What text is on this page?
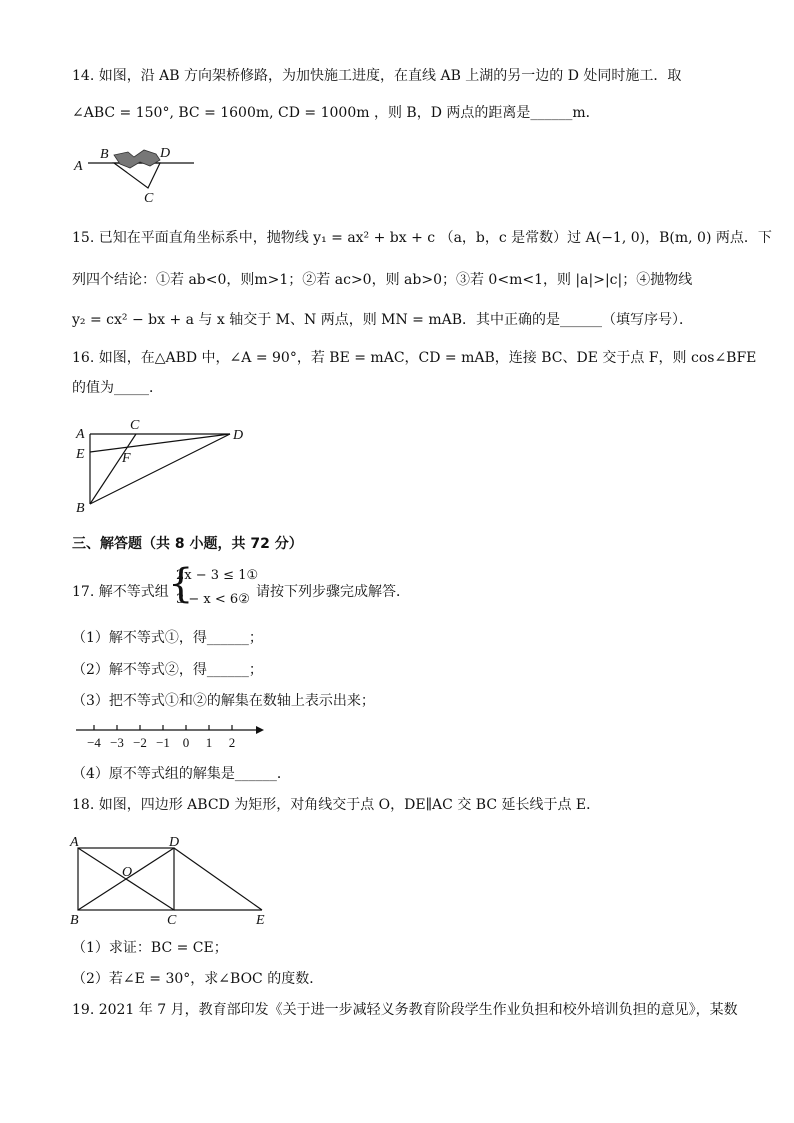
14. 如图，沿 AB 方向架桥修路，为加快施工进度，在直线 AB 上湖的另一边的 D 处同时施工．取
∠ABC = 150°, BC = 1600m, CD = 1000m ，则 B，D 两点的距离是______m．
A
B	D
C
15. 已知在平面直角坐标系中，抛物线 y₁ = ax² + bx + c （a，b，c 是常数）过 A(−1, 0)，B(m, 0) 两点．下
列四个结论：①若 ab<0，则m>1；②若 ac>0，则 ab>0；③若 0<m<1，则 |a|>|c|；④抛物线
y₂ = cx² − bx + a 与 x 轴交于 M、N 两点，则 MN = mAB．其中正确的是______（填写序号）．
16. 如图，在△ABD 中，∠A = 90°，若 BE = mAC，CD = mAB，连接 BC、DE 交于点 F，则 cos∠BFE
的值为_____．
A
C
D
E	F
B
三、解答题（共 8 小题，共 72 分）
17. 解不等式组 {
2x − 3 ≤ 1①
3 − x < 6② 请按下列步骤完成解答．
（1）解不等式①，得______；
（2）解不等式②，得______；
（3）把不等式①和②的解集在数轴上表示出来；
−4 −3 −2 −1 0 1 2
（4）原不等式组的解集是______．
18. 如图，四边形 ABCD 为矩形，对角线交于点 O，DE∥AC 交 BC 延长线于点 E．
A	D
O
B	C	E
（1）求证：BC = CE；
（2）若∠E = 30°，求∠BOC 的度数．
19. 2021 年 7 月，教育部印发《关于进一步减轻义务教育阶段学生作业负担和校外培训负担的意见》，某数
